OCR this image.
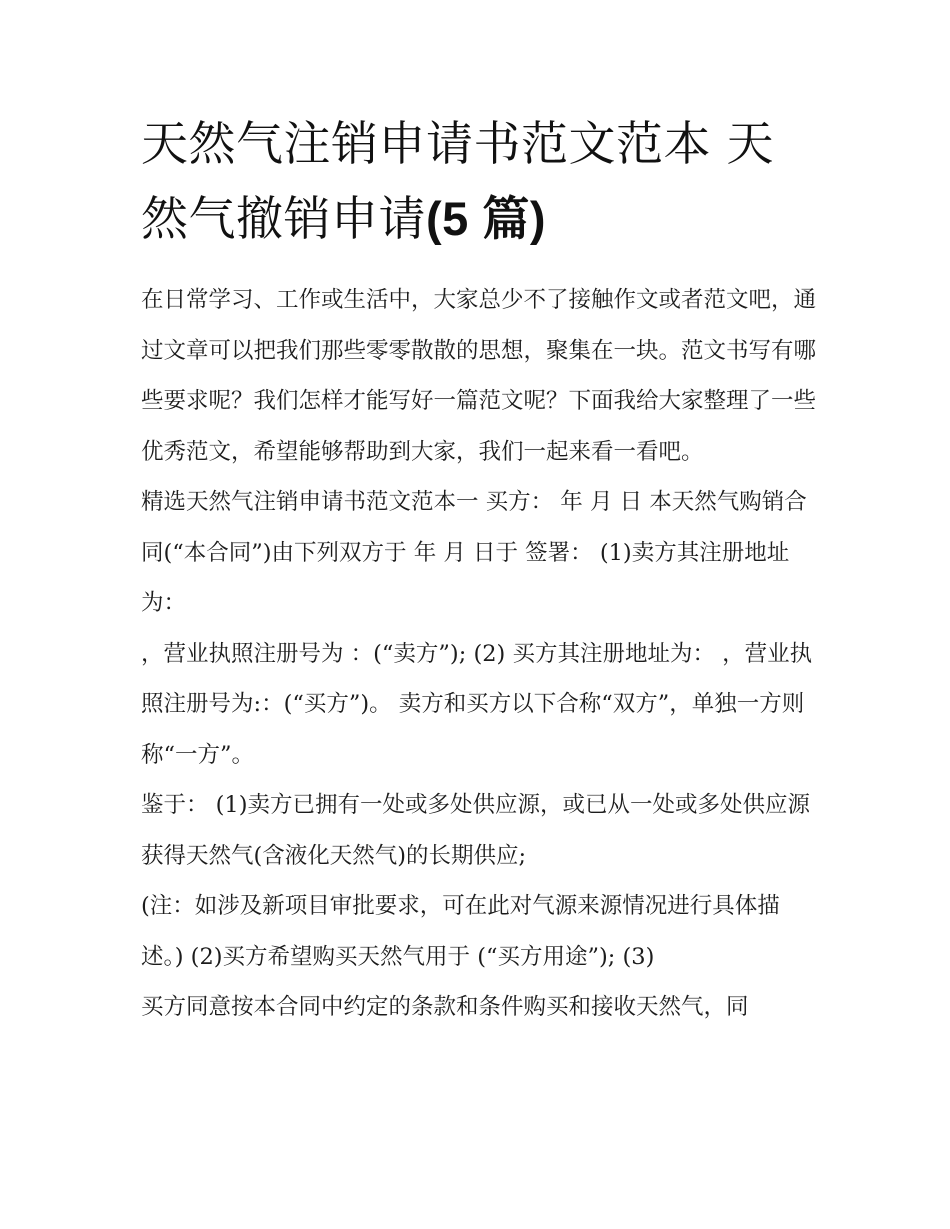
天然气注销申请书范文范本 天然气撤销申请(5 篇)

在日常学习、工作或生活中，大家总少不了接触作文或者范文吧，通过文章可以把我们那些零零散散的思想，聚集在一块。范文书写有哪些要求呢？我们怎样才能写好一篇范文呢？下面我给大家整理了一些优秀范文，希望能够帮助到大家，我们一起来看一看吧。

精选天然气注销申请书范文范本一 买方： 年 月 日 本天然气购销合同(“本合同”)由下列双方于 年 月 日于 签署： (1)卖方其注册地址为：

，营业执照注册号为 ：(“卖方”); (2) 买方其注册地址为： ，营业执照注册号为:：(“买方”)。 卖方和买方以下合称“双方”，单独一方则称“一方”。

鉴于： (1)卖方已拥有一处或多处供应源，或已从一处或多处供应源获得天然气(含液化天然气)的长期供应;

(注：如涉及新项目审批要求，可在此对气源来源情况进行具体描述。) (2)买方希望购买天然气用于 (“买方用途”); (3)

买方同意按本合同中约定的条款和条件购买和接收天然气，同
